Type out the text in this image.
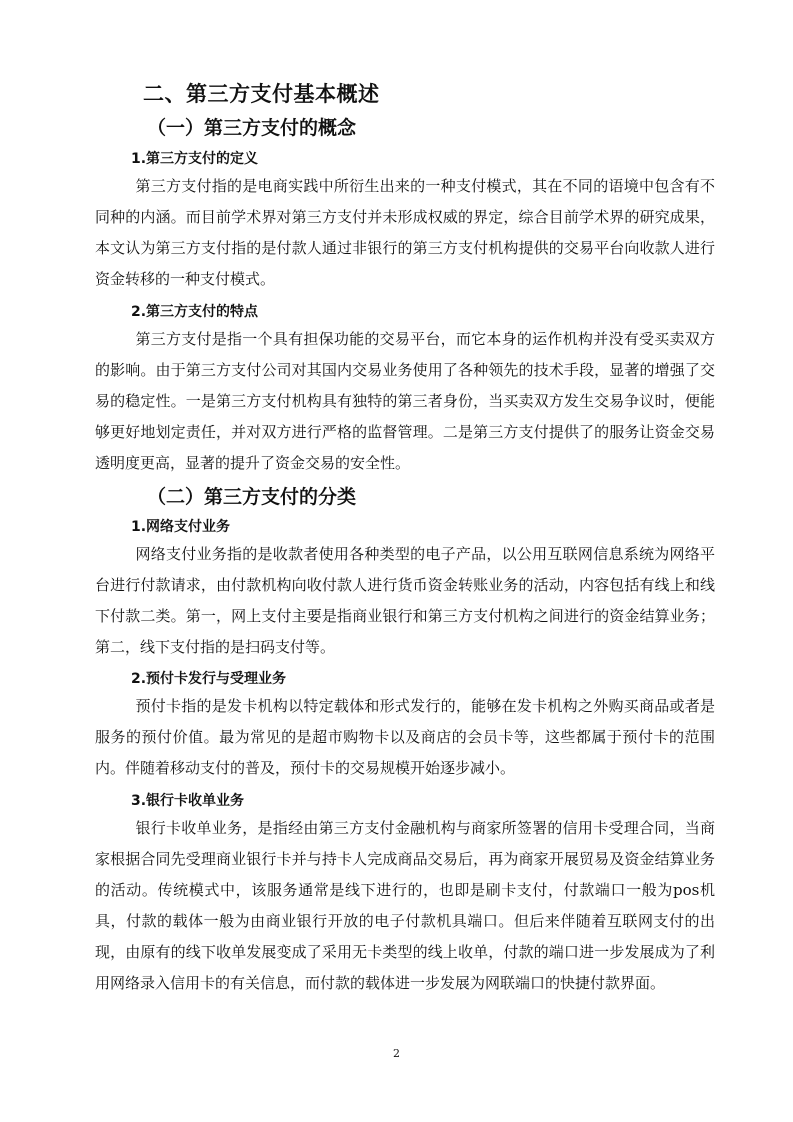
二、第三方支付基本概述
（一）第三方支付的概念
1.第三方支付的定义

第三方支付指的是电商实践中所衍生出来的一种支付模式，其在不同的语境中包含有不同种的内涵。而目前学术界对第三方支付并未形成权威的界定，综合目前学术界的研究成果，本文认为第三方支付指的是付款人通过非银行的第三方支付机构提供的交易平台向收款人进行资金转移的一种支付模式。

2.第三方支付的特点

第三方支付是指一个具有担保功能的交易平台，而它本身的运作机构并没有受买卖双方的影响。由于第三方支付公司对其国内交易业务使用了各种领先的技术手段，显著的增强了交易的稳定性。一是第三方支付机构具有独特的第三者身份，当买卖双方发生交易争议时，便能够更好地划定责任，并对双方进行严格的监督管理。二是第三方支付提供了的服务让资金交易透明度更高，显著的提升了资金交易的安全性。

（二）第三方支付的分类
1.网络支付业务

网络支付业务指的是收款者使用各种类型的电子产品，以公用互联网信息系统为网络平台进行付款请求，由付款机构向收付款人进行货币资金转账业务的活动，内容包括有线上和线下付款二类。第一，网上支付主要是指商业银行和第三方支付机构之间进行的资金结算业务；第二，线下支付指的是扫码支付等。

2.预付卡发行与受理业务

预付卡指的是发卡机构以特定载体和形式发行的，能够在发卡机构之外购买商品或者是服务的预付价值。最为常见的是超市购物卡以及商店的会员卡等，这些都属于预付卡的范围内。伴随着移动支付的普及，预付卡的交易规模开始逐步减小。

3.银行卡收单业务

银行卡收单业务，是指经由第三方支付金融机构与商家所签署的信用卡受理合同，当商家根据合同先受理商业银行卡并与持卡人完成商品交易后，再为商家开展贸易及资金结算业务的活动。传统模式中，该服务通常是线下进行的，也即是刷卡支付，付款端口一般为pos机具，付款的载体一般为由商业银行开放的电子付款机具端口。但后来伴随着互联网支付的出现，由原有的线下收单发展变成了采用无卡类型的线上收单，付款的端口进一步发展成为了利用网络录入信用卡的有关信息，而付款的载体进一步发展为网联端口的快捷付款界面。

2
